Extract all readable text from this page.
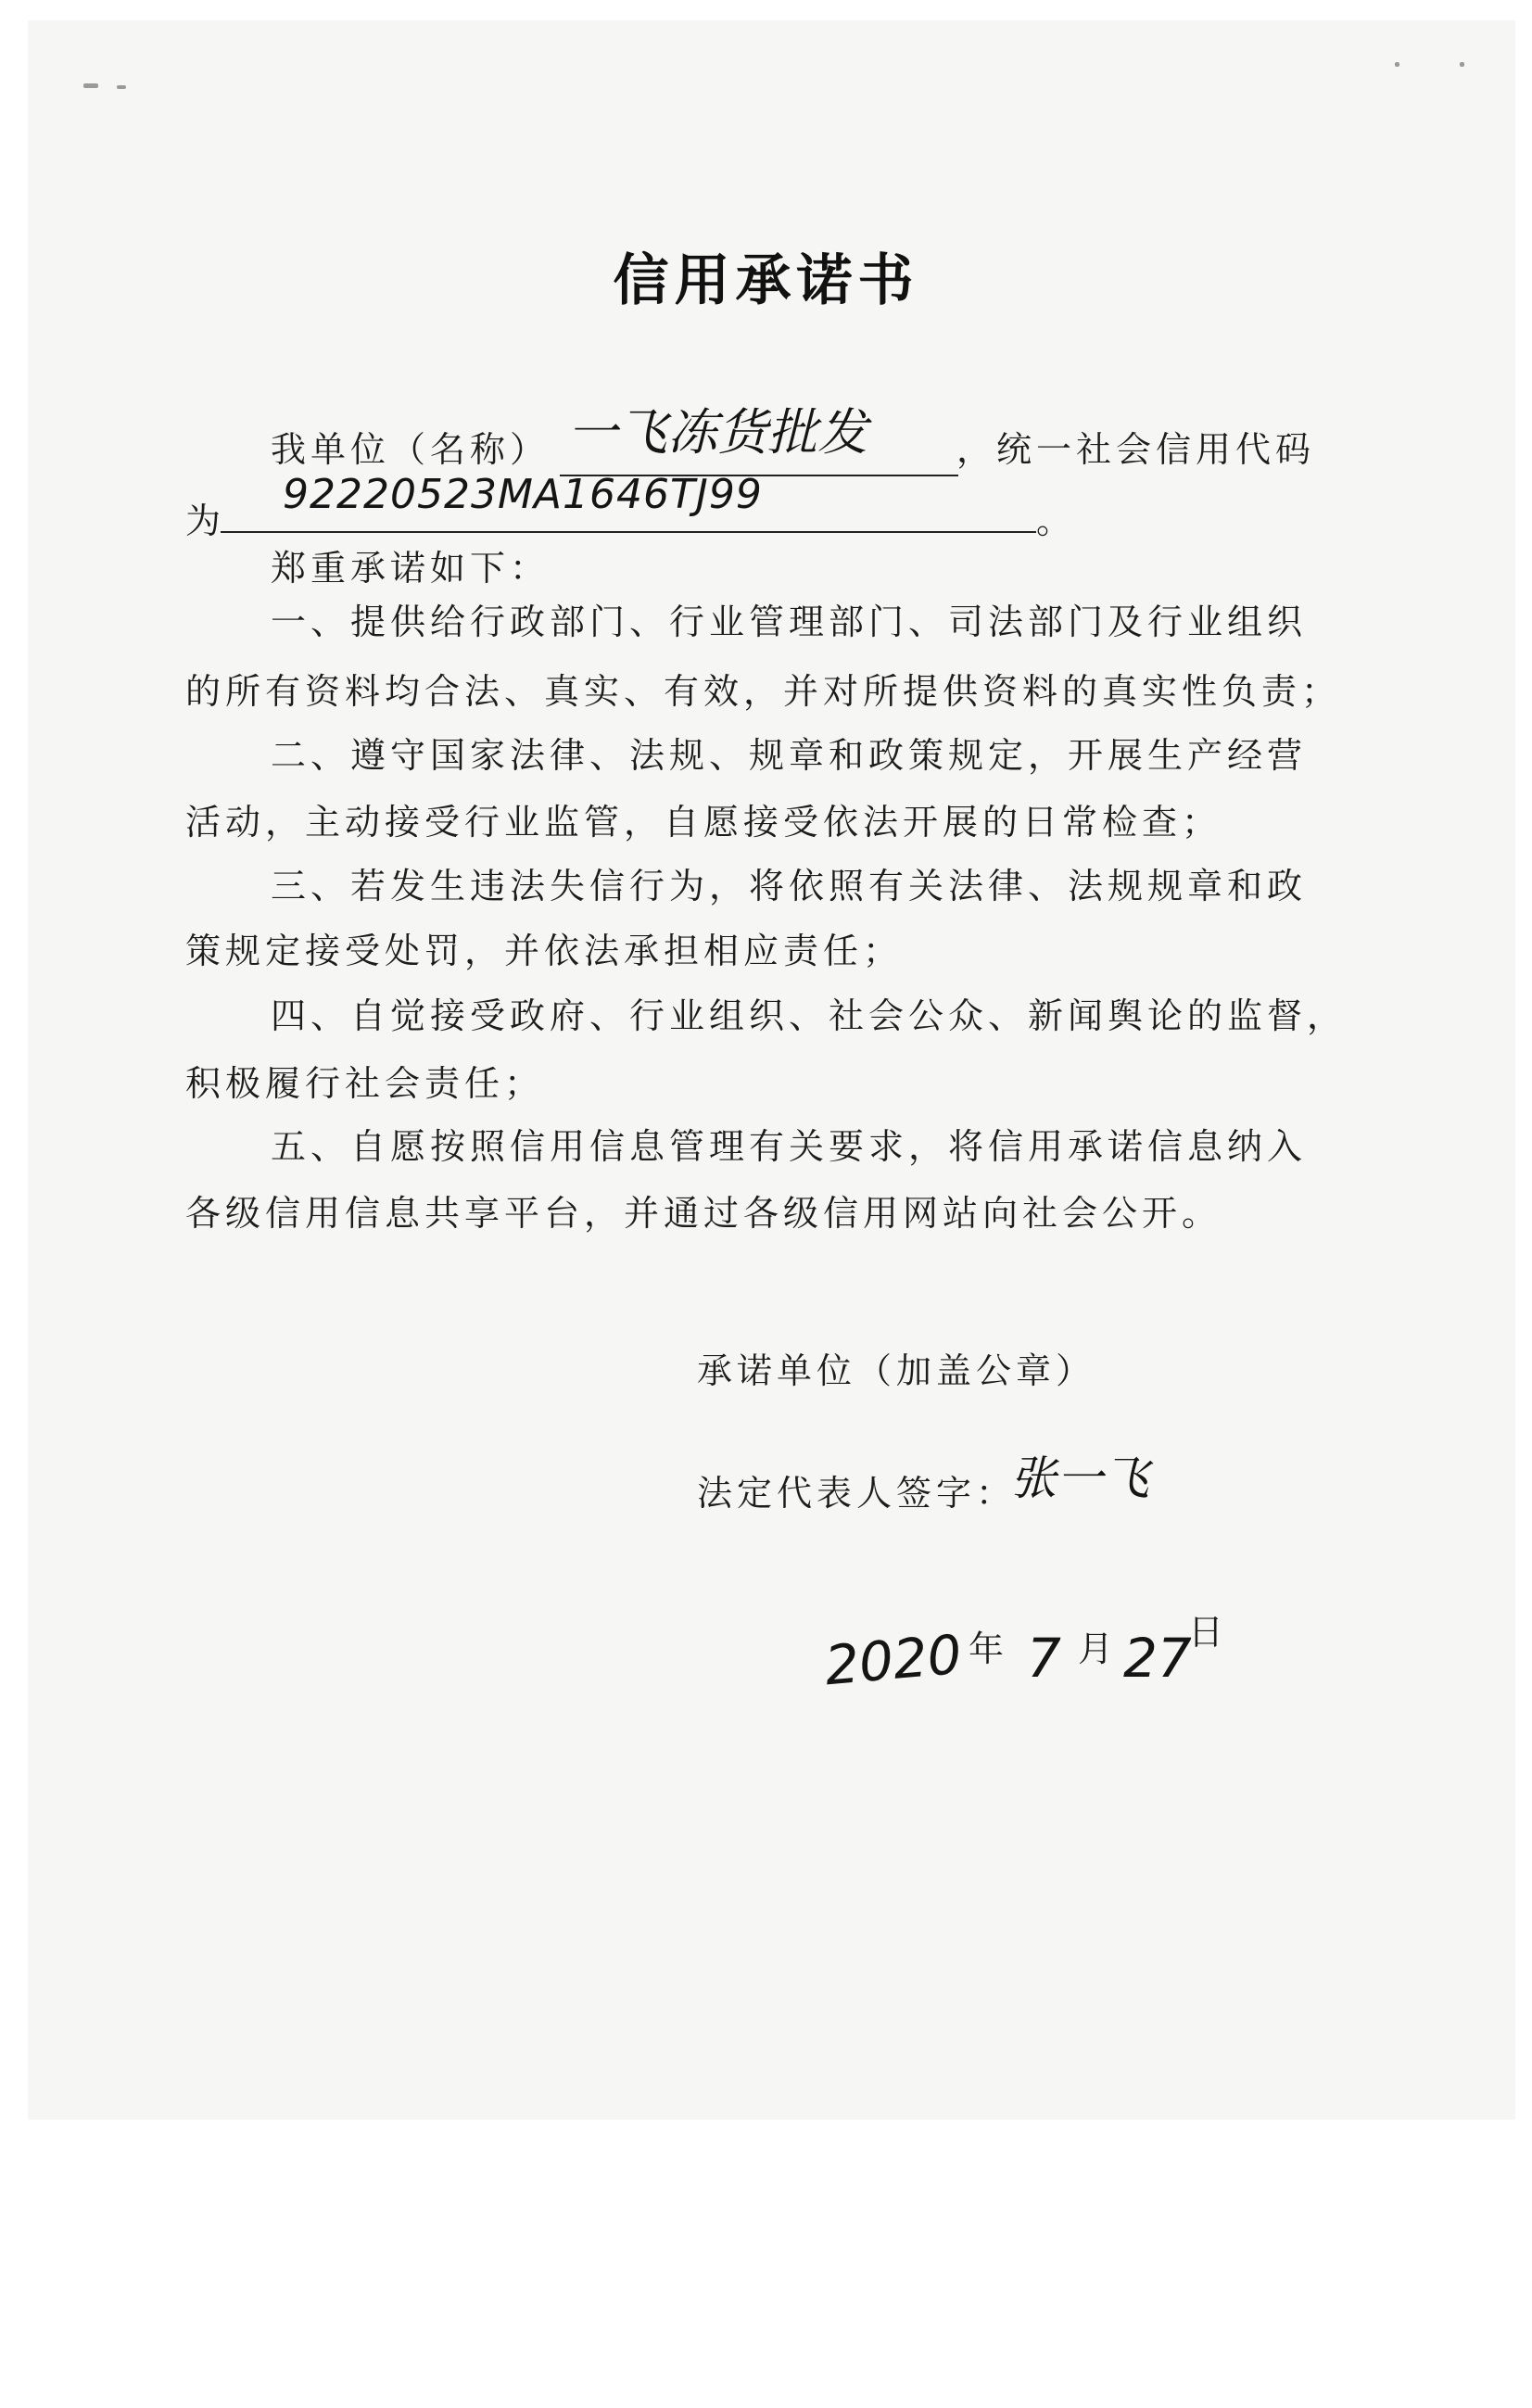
信用承诺书
我单位（名称） 一飞冻货批发	，统一社会信用代码
为
92220523MA1646TJ99
。
郑重承诺如下：
一、提供给行政部门、行业管理部门、司法部门及行业组织
的所有资料均合法、真实、有效，并对所提供资料的真实性负责；
二、遵守国家法律、法规、规章和政策规定，开展生产经营
活动，主动接受行业监管，自愿接受依法开展的日常检查；
三、若发生违法失信行为，将依照有关法律、法规规章和政
策规定接受处罚，并依法承担相应责任；
四、自觉接受政府、行业组织、社会公众、新闻舆论的监督，
积极履行社会责任；
五、自愿按照信用信息管理有关要求，将信用承诺信息纳入
各级信用信息共享平台，并通过各级信用网站向社会公开。
承诺单位（加盖公章）
法定代表人签字：
张一飞
2020 年 7 月 27
日
